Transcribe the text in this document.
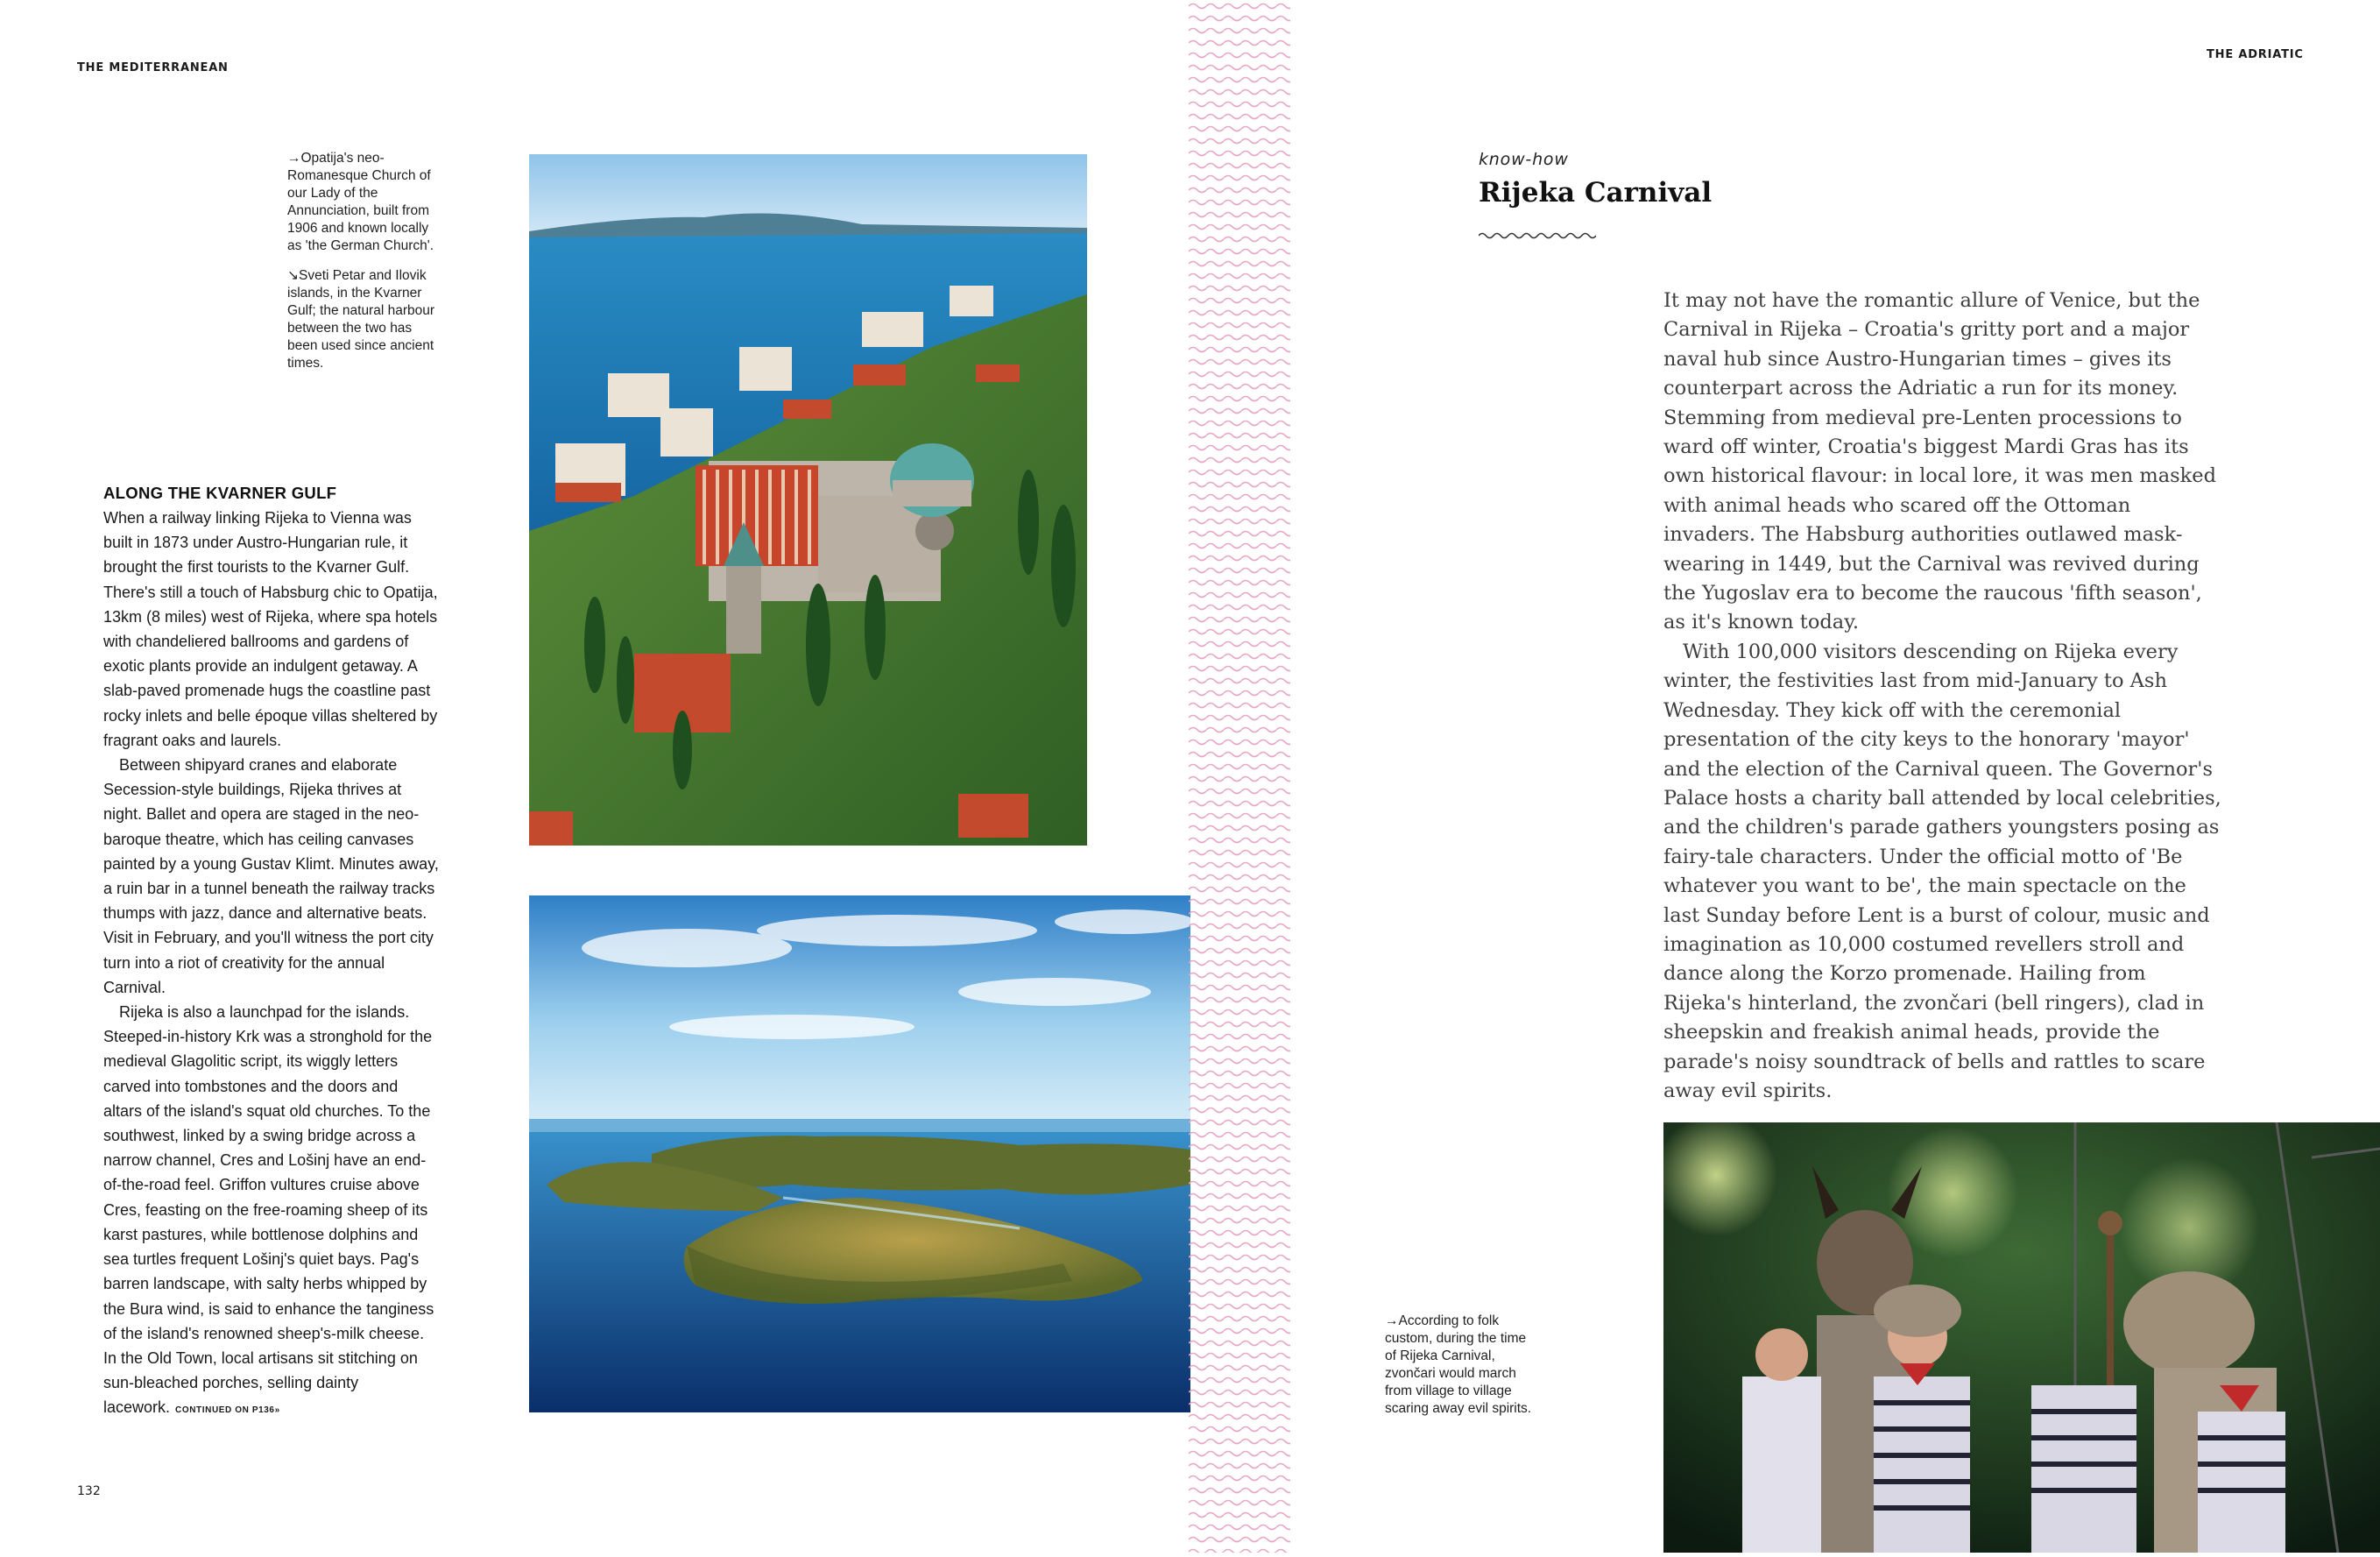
THE MEDITERRANEAN

→Opatija's neo-Romanesque Church of our Lady of the Annunciation, built from 1906 and known locally as 'the German Church'.

↘Sveti Petar and Ilovik islands, in the Kvarner Gulf; the natural harbour between the two has been used since ancient times.

ALONG THE KVARNER GULF

When a railway linking Rijeka to Vienna was built in 1873 under Austro-Hungarian rule, it brought the first tourists to the Kvarner Gulf. There's still a touch of Habsburg chic to Opatija, 13km (8 miles) west of Rijeka, where spa hotels with chandeliered ballrooms and gardens of exotic plants provide an indulgent getaway. A slab-paved promenade hugs the coastline past rocky inlets and belle époque villas sheltered by fragrant oaks and laurels.

Between shipyard cranes and elaborate Secession-style buildings, Rijeka thrives at night. Ballet and opera are staged in the neo-baroque theatre, which has ceiling canvases painted by a young Gustav Klimt. Minutes away, a ruin bar in a tunnel beneath the railway tracks thumps with jazz, dance and alternative beats. Visit in February, and you'll witness the port city turn into a riot of creativity for the annual Carnival.

Rijeka is also a launchpad for the islands. Steeped-in-history Krk was a stronghold for the medieval Glagolitic script, its wiggly letters carved into tombstones and the doors and altars of the island's squat old churches. To the southwest, linked by a swing bridge across a narrow channel, Cres and Lošinj have an end-of-the-road feel. Griffon vultures cruise above Cres, feasting on the free-roaming sheep of its karst pastures, while bottlenose dolphins and sea turtles frequent Lošinj's quiet bays. Pag's barren landscape, with salty herbs whipped by the Bura wind, is said to enhance the tanginess of the island's renowned sheep's-milk cheese. In the Old Town, local artisans sit stitching on sun-bleached porches, selling dainty lacework. CONTINUED ON P136»

132
THE ADRIATIC
know-how
Rijeka Carnival

It may not have the romantic allure of Venice, but the Carnival in Rijeka – Croatia's gritty port and a major naval hub since Austro-Hungarian times – gives its counterpart across the Adriatic a run for its money. Stemming from medieval pre-Lenten processions to ward off winter, Croatia's biggest Mardi Gras has its own historical flavour: in local lore, it was men masked with animal heads who scared off the Ottoman invaders. The Habsburg authorities outlawed mask-wearing in 1449, but the Carnival was revived during the Yugoslav era to become the raucous 'fifth season', as it's known today.

With 100,000 visitors descending on Rijeka every winter, the festivities last from mid-January to Ash Wednesday. They kick off with the ceremonial presentation of the city keys to the honorary 'mayor' and the election of the Carnival queen. The Governor's Palace hosts a charity ball attended by local celebrities, and the children's parade gathers youngsters posing as fairy-tale characters. Under the official motto of 'Be whatever you want to be', the main spectacle on the last Sunday before Lent is a burst of colour, music and imagination as 10,000 costumed revellers stroll and dance along the Korzo promenade. Hailing from Rijeka's hinterland, the zvončari (bell ringers), clad in sheepskin and freakish animal heads, provide the parade's noisy soundtrack of bells and rattles to scare away evil spirits.

→According to folk custom, during the time of Rijeka Carnival, zvončari would march from village to village scaring away evil spirits.
